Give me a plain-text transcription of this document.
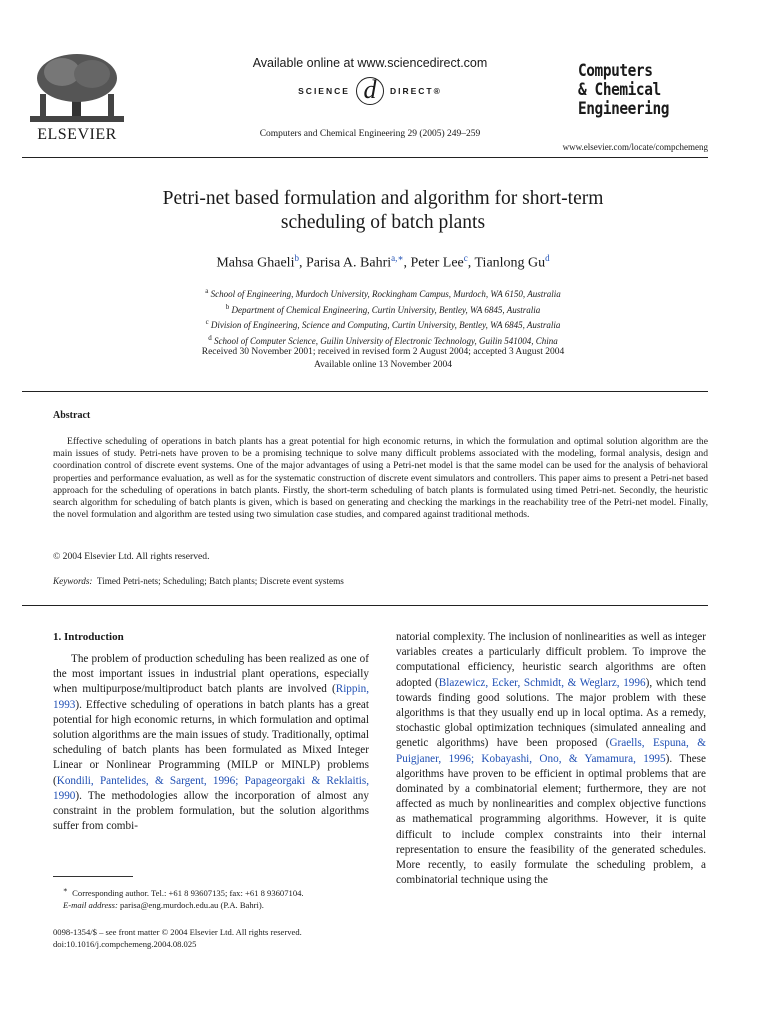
ELSEVIER
Available online at www.sciencedirect.com
SCIENCE d	DIRECT®
Computers and Chemical Engineering 29 (2005) 249–259
Computers
& Chemical
Engineering
www.elsevier.com/locate/compchemeng
Petri-net based formulation and algorithm for short-term
scheduling of batch plants
Mahsa Ghaeli$^b$, Parisa A. Bahri$^{a,∗}$, Peter Lee$^c$, Tianlong Gu$^d$
$^a$ School of Engineering, Murdoch University, Rockingham Campus, Murdoch, WA 6150, Australia
$^b$ Department of Chemical Engineering, Curtin University, Bentley, WA 6845, Australia
$^c$ Division of Engineering, Science and Computing, Curtin University, Bentley, WA 6845, Australia
$^d$ School of Computer Science, Guilin University of Electronic Technology, Guilin 541004, China
Received 30 November 2001; received in revised form 2 August 2004; accepted 3 August 2004
Available online 13 November 2004
Abstract

Effective scheduling of operations in batch plants has a great potential for high economic returns, in which the formulation and optimal solution algorithm are the main issues of study. Petri-nets have proven to be a promising technique to solve many difficult problems associated with the modeling, formal analysis, design and coordination control of discrete event systems. One of the major advantages of using a Petri-net model is that the same model can be used for the analysis of behavioral properties and performance evaluation, as well as for the systematic construction of discrete event simulators and controllers. This paper aims to present a Petri-net based approach for the scheduling of operations in batch plants. Firstly, the short-term scheduling of batch plants is formulated using timed Petri-net. Secondly, the heuristic search algorithm for scheduling of batch plants is given, which is based on generating and checking the markings in the reachability tree of the Petri-net model. Finally, the novel formulation and algorithm are tested using two simulation case studies, and compared against traditional methods.

© 2004 Elsevier Ltd. All rights reserved.
Keywords: Timed Petri-nets; Scheduling; Batch plants; Discrete event systems
1. Introduction

The problem of production scheduling has been realized as one of the most important issues in industrial plant operations, especially when multipurpose/multiproduct batch plants are involved (Rippin, 1993). Effective scheduling of operations in batch plants has a great potential for high economic returns, in which formulation and optimal solution algorithms are the main issues of study. Traditionally, optimal scheduling of batch plants has been formulated as Mixed Integer Linear or Nonlinear Programming (MILP or MINLP) problems (Kondili, Pantelides, & Sargent, 1996; Papageorgaki & Reklaitis, 1990). The methodologies allow the incorporation of almost any constraint in the problem formulation, but the solution algorithms suffer from combi-

natorial complexity. The inclusion of nonlinearities as well as integer variables creates a particularly difficult problem. To improve the computational efficiency, heuristic search algorithms are often adopted (Blazewicz, Ecker, Schmidt, & Weglarz, 1996), which tend towards finding good solutions. The major problem with these algorithms is that they usually end up in local optima. As a remedy, stochastic global optimization techniques (simulated annealing and genetic algorithms) have been proposed (Graells, Espuna, & Puigjaner, 1996; Kobayashi, Ono, & Yamamura, 1995). These algorithms have proven to be efficient in optimal problems that are dominated by a combinatorial element; furthermore, they are not affected as much by nonlinearities and complex objective functions as mathematical programming algorithms. However, it is quite difficult to include complex constraints into their internal representation to ensure the feasibility of the generated schedules. More recently, to easily formulate the scheduling problem, a combinatorial technique using the

∗ Corresponding author. Tel.: +61 8 93607135; fax: +61 8 93607104.

E-mail address: parisa@eng.murdoch.edu.au (P.A. Bahri).

0098-1354/$ – see front matter © 2004 Elsevier Ltd. All rights reserved.
doi:10.1016/j.compchemeng.2004.08.025
